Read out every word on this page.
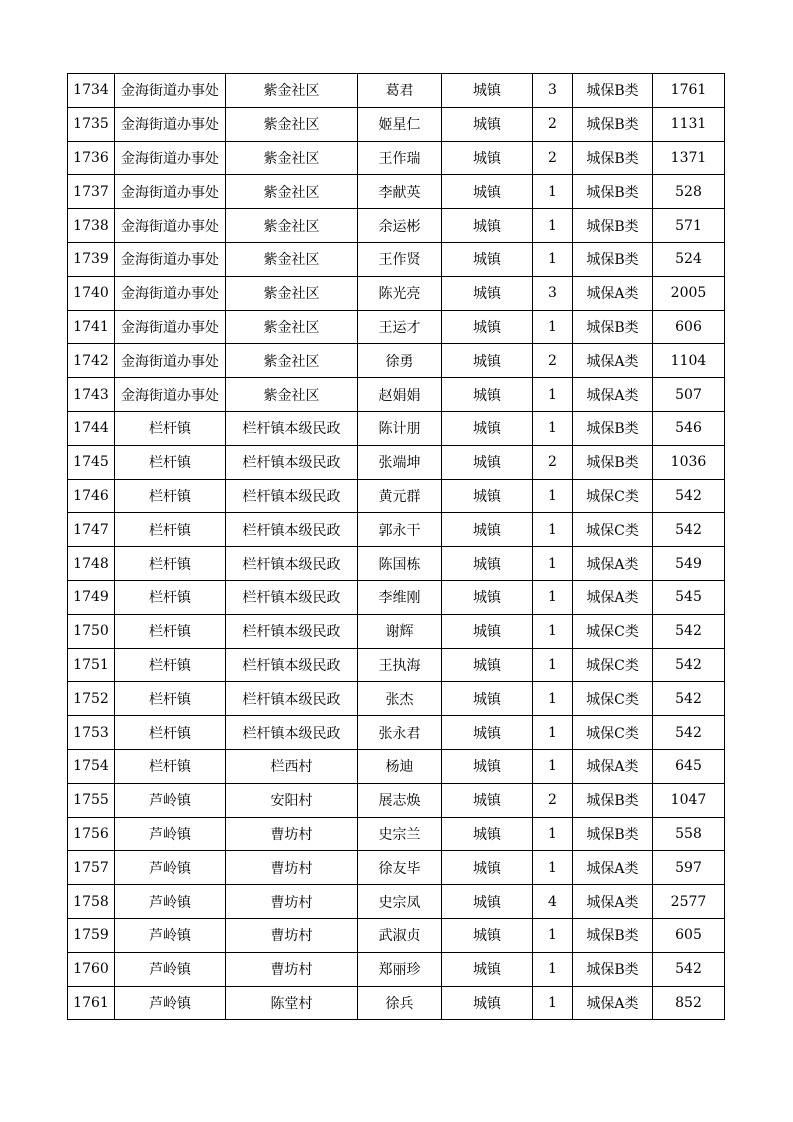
1734	金海街道办事处	紫金社区	葛君	城镇	3	城保B类	1761
1735	金海街道办事处	紫金社区	姬星仁	城镇	2	城保B类	1131
1736	金海街道办事处	紫金社区	王作瑞	城镇	2	城保B类	1371
1737	金海街道办事处	紫金社区	李献英	城镇	1	城保B类	528
1738	金海街道办事处	紫金社区	余运彬	城镇	1	城保B类	571
1739	金海街道办事处	紫金社区	王作贤	城镇	1	城保B类	524
1740	金海街道办事处	紫金社区	陈光亮	城镇	3	城保A类	2005
1741	金海街道办事处	紫金社区	王运才	城镇	1	城保B类	606
1742	金海街道办事处	紫金社区	徐勇	城镇	2	城保A类	1104
1743	金海街道办事处	紫金社区	赵娟娟	城镇	1	城保A类	507
1744	栏杆镇	栏杆镇本级民政	陈计朋	城镇	1	城保B类	546
1745	栏杆镇	栏杆镇本级民政	张端坤	城镇	2	城保B类	1036
1746	栏杆镇	栏杆镇本级民政	黄元群	城镇	1	城保C类	542
1747	栏杆镇	栏杆镇本级民政	郭永干	城镇	1	城保C类	542
1748	栏杆镇	栏杆镇本级民政	陈国栋	城镇	1	城保A类	549
1749	栏杆镇	栏杆镇本级民政	李维刚	城镇	1	城保A类	545
1750	栏杆镇	栏杆镇本级民政	谢辉	城镇	1	城保C类	542
1751	栏杆镇	栏杆镇本级民政	王执海	城镇	1	城保C类	542
1752	栏杆镇	栏杆镇本级民政	张杰	城镇	1	城保C类	542
1753	栏杆镇	栏杆镇本级民政	张永君	城镇	1	城保C类	542
1754	栏杆镇	栏西村	杨迪	城镇	1	城保A类	645
1755	芦岭镇	安阳村	展志焕	城镇	2	城保B类	1047
1756	芦岭镇	曹坊村	史宗兰	城镇	1	城保B类	558
1757	芦岭镇	曹坊村	徐友毕	城镇	1	城保A类	597
1758	芦岭镇	曹坊村	史宗凤	城镇	4	城保A类	2577
1759	芦岭镇	曹坊村	武淑贞	城镇	1	城保B类	605
1760	芦岭镇	曹坊村	郑丽珍	城镇	1	城保B类	542
1761	芦岭镇	陈堂村	徐兵	城镇	1	城保A类	852
